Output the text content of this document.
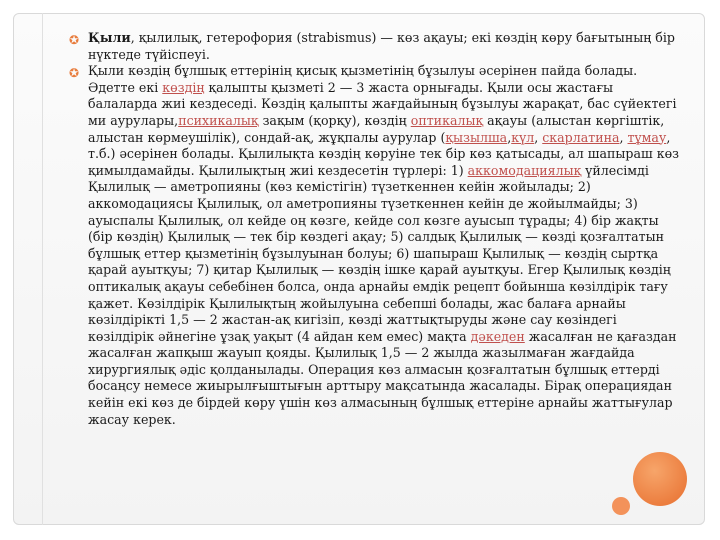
✪ Қыли, қылилық, гетерофория (strabismus) — көз ақауы; екі көздің көру бағытының бір нүктеде түйіспеуі.

✪ Қыли көздің бұлшық еттерінің қисық қызметінің бұзылуы әсерінен пайда болады. Әдетте екі көздің қалыпты қызметі 2 — 3 жаста орнығады. Қыли осы жастағы балаларда жиі кездеседі. Көздің қалыпты жағдайының бұзылуы жарақат, бас сүйектегі ми аурулары,психикалық зақым (қорқу), көздің оптикалық ақауы (алыстан көргіштік, алыстан көрмеушілік), сондай-ақ, жұқпалы аурулар (қызылша,күл, скарлатина, тұмау, т.б.) әсерінен болады. Қылилықта көздің көруіне тек бір көз қатысады, ал шапыраш көз қимылдамайды. Қылилықтың жиі кездесетін түрлері: 1) аккомодациялық үйлесімді Қылилық — аметропияны (көз кемістігін) түзеткеннен кейін жойылады; 2) аккомодациясы Қылилық, ол аметропияны түзеткеннен кейін де жойылмайды; 3) ауыспалы Қылилық, ол кейде оң көзге, кейде сол көзге ауысып тұрады; 4) бір жақты (бір көздің) Қылилық — тек бір көздегі ақау; 5) салдық Қылилық — көзді қозғалтатын бұлшық еттер қызметінің бұзылуынан болуы; 6) шапыраш Қылилық — көздің сыртқа қарай ауытқуы; 7) қитар Қылилық — көздің ішке қарай ауытқуы. Егер Қылилық көздің оптикалық ақауы себебінен болса, онда арнайы емдік рецепт бойынша көзілдірік тағу қажет. Көзілдірік Қылилықтың жойылуына себепші болады, жас балаға арнайы көзілдірікті 1,5 — 2 жастан-ақ кигізіп, көзді жаттықтыруды және сау көзіндегі көзілдірік әйнегіне ұзақ уақыт (4 айдан кем емес) мақта дәкеден жасалған не қағаздан жасалған жапқыш жауып қояды. Қылилық 1,5 — 2 жылда жазылмаған жағдайда хирургиялық әдіс қолданылады. Операция көз алмасын қозғалтатын бұлшық еттерді босаңсу немесе жиырылғыштығын арттыру мақсатында жасалады. Бірақ операциядан кейін екі көз де бірдей көру үшін көз алмасының бұлшық еттеріне арнайы жаттығулар жасау керек.
